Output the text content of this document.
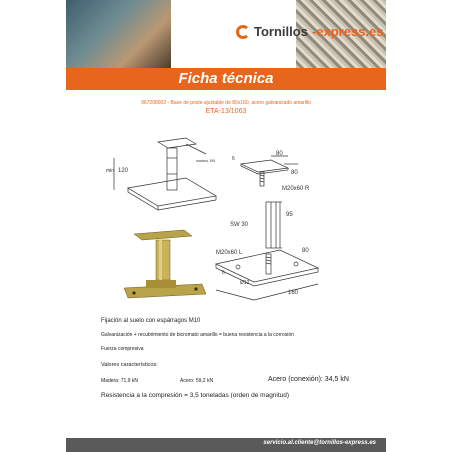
Tornillos -express.es
Ficha técnica
967208002 - Base de poste ajustable de 80x160, acero galvanizado amarillo
ETA-13/1063
min 120
máximo 195	6
80
80
M20x60 R
SW 30
95
M20x60 L	80
6
Ø12
160
Fijación al suelo con espárragos M10
Galvanización + recubrimiento de bicromato amarillo = buena resistencia a la corrosión
Fuerza compresiva
Valores característicos:
Madera: 71,9 kN	Acero: 59,2 kN	Acero (conexión): 34,5 kN
Resistencia a la compresión = 3,5 toneladas (orden de magnitud)
servicio.al.cliente@tornillos-express.es
